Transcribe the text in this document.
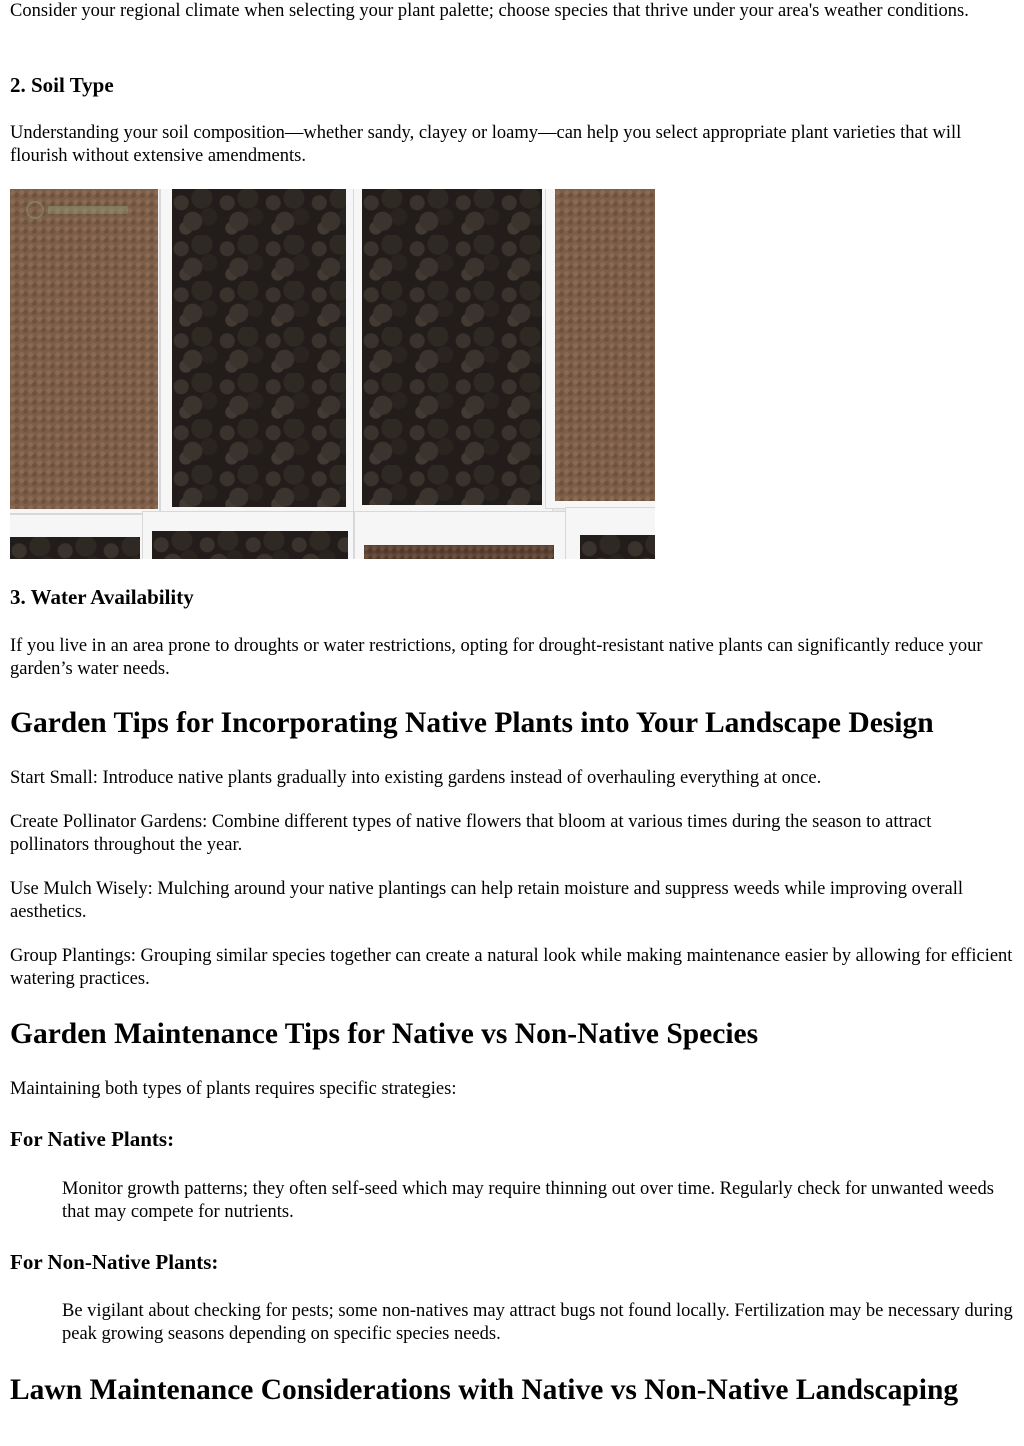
Consider your regional climate when selecting your plant palette; choose species that thrive under your area's weather conditions.

2. Soil Type

Understanding your soil composition—whether sandy, clayey or loamy—can help you select appropriate plant varieties that will flourish without extensive amendments.

3. Water Availability

If you live in an area prone to droughts or water restrictions, opting for drought-resistant native plants can significantly reduce your garden’s water needs.

Garden Tips for Incorporating Native Plants into Your Landscape Design

Start Small: Introduce native plants gradually into existing gardens instead of overhauling everything at once.

Create Pollinator Gardens: Combine different types of native flowers that bloom at various times during the season to attract pollinators throughout the year.

Use Mulch Wisely: Mulching around your native plantings can help retain moisture and suppress weeds while improving overall aesthetics.

Group Plantings: Grouping similar species together can create a natural look while making maintenance easier by allowing for efficient watering practices.

Garden Maintenance Tips for Native vs Non-Native Species

Maintaining both types of plants requires specific strategies:

For Native Plants:

Monitor growth patterns; they often self-seed which may require thinning out over time. Regularly check for unwanted weeds that may compete for nutrients.

For Non-Native Plants:

Be vigilant about checking for pests; some non-natives may attract bugs not found locally. Fertilization may be necessary during peak growing seasons depending on specific species needs.

Lawn Maintenance Considerations with Native vs Non-Native Landscaping
